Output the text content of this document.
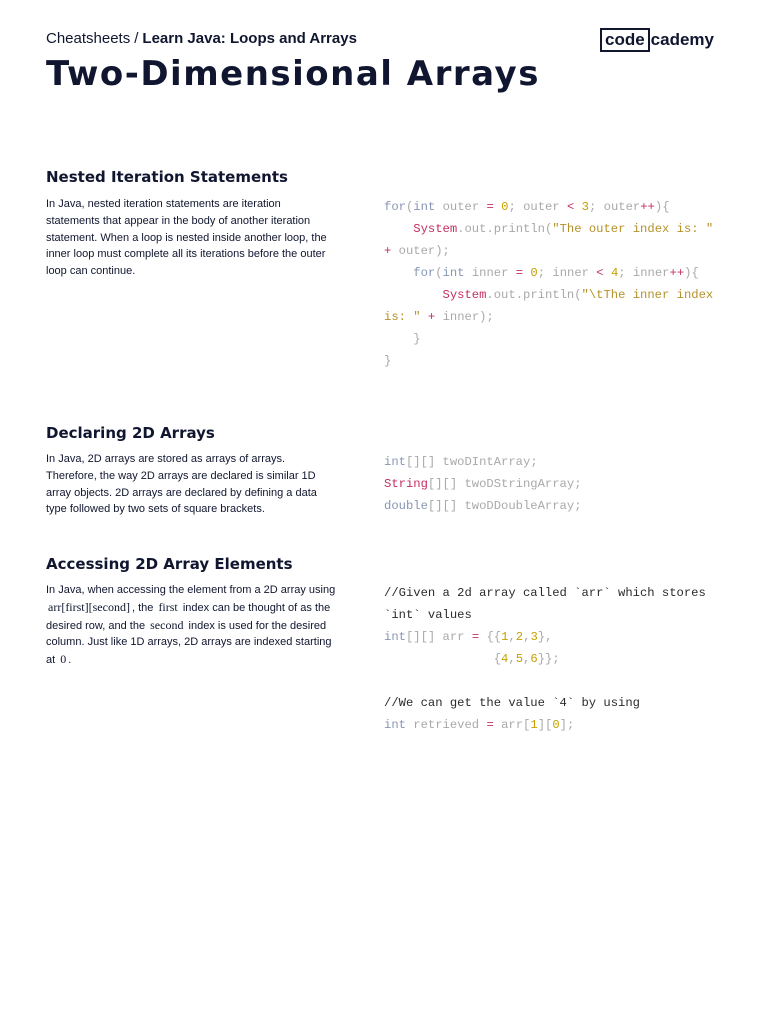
Cheatsheets / Learn Java: Loops and Arrays
Two-Dimensional Arrays
code cademy
Nested Iteration Statements

In Java, nested iteration statements are iteration statements that appear in the body of another iteration statement. When a loop is nested inside another loop, the inner loop must complete all its iterations before the outer loop can continue.

for(int outer = 0; outer < 3; outer++){
System.out.println("The outer index is: " + outer);
for(int inner = 0; inner < 4; inner++){
System.out.println("\tThe inner index is: " + inner);
}
}
Declaring 2D Arrays

In Java, 2D arrays are stored as arrays of arrays. Therefore, the way 2D arrays are declared is similar 1D array objects. 2D arrays are declared by defining a data type followed by two sets of square brackets.

int[][] twoDIntArray;
String[][] twoDStringArray;
double[][] twoDDoubleArray;
Accessing 2D Array Elements

In Java, when accessing the element from a 2D array using arr[first][second] , the first index can be thought of as the desired row, and the second index is used for the desired column. Just like 1D arrays, 2D arrays are indexed starting at 0 .

//Given a 2d array called `arr` which stores `int` values
int[][] arr = {{1,2,3},
{4,5,6}};

//We can get the value `4` by using
int retrieved = arr[1][0];
